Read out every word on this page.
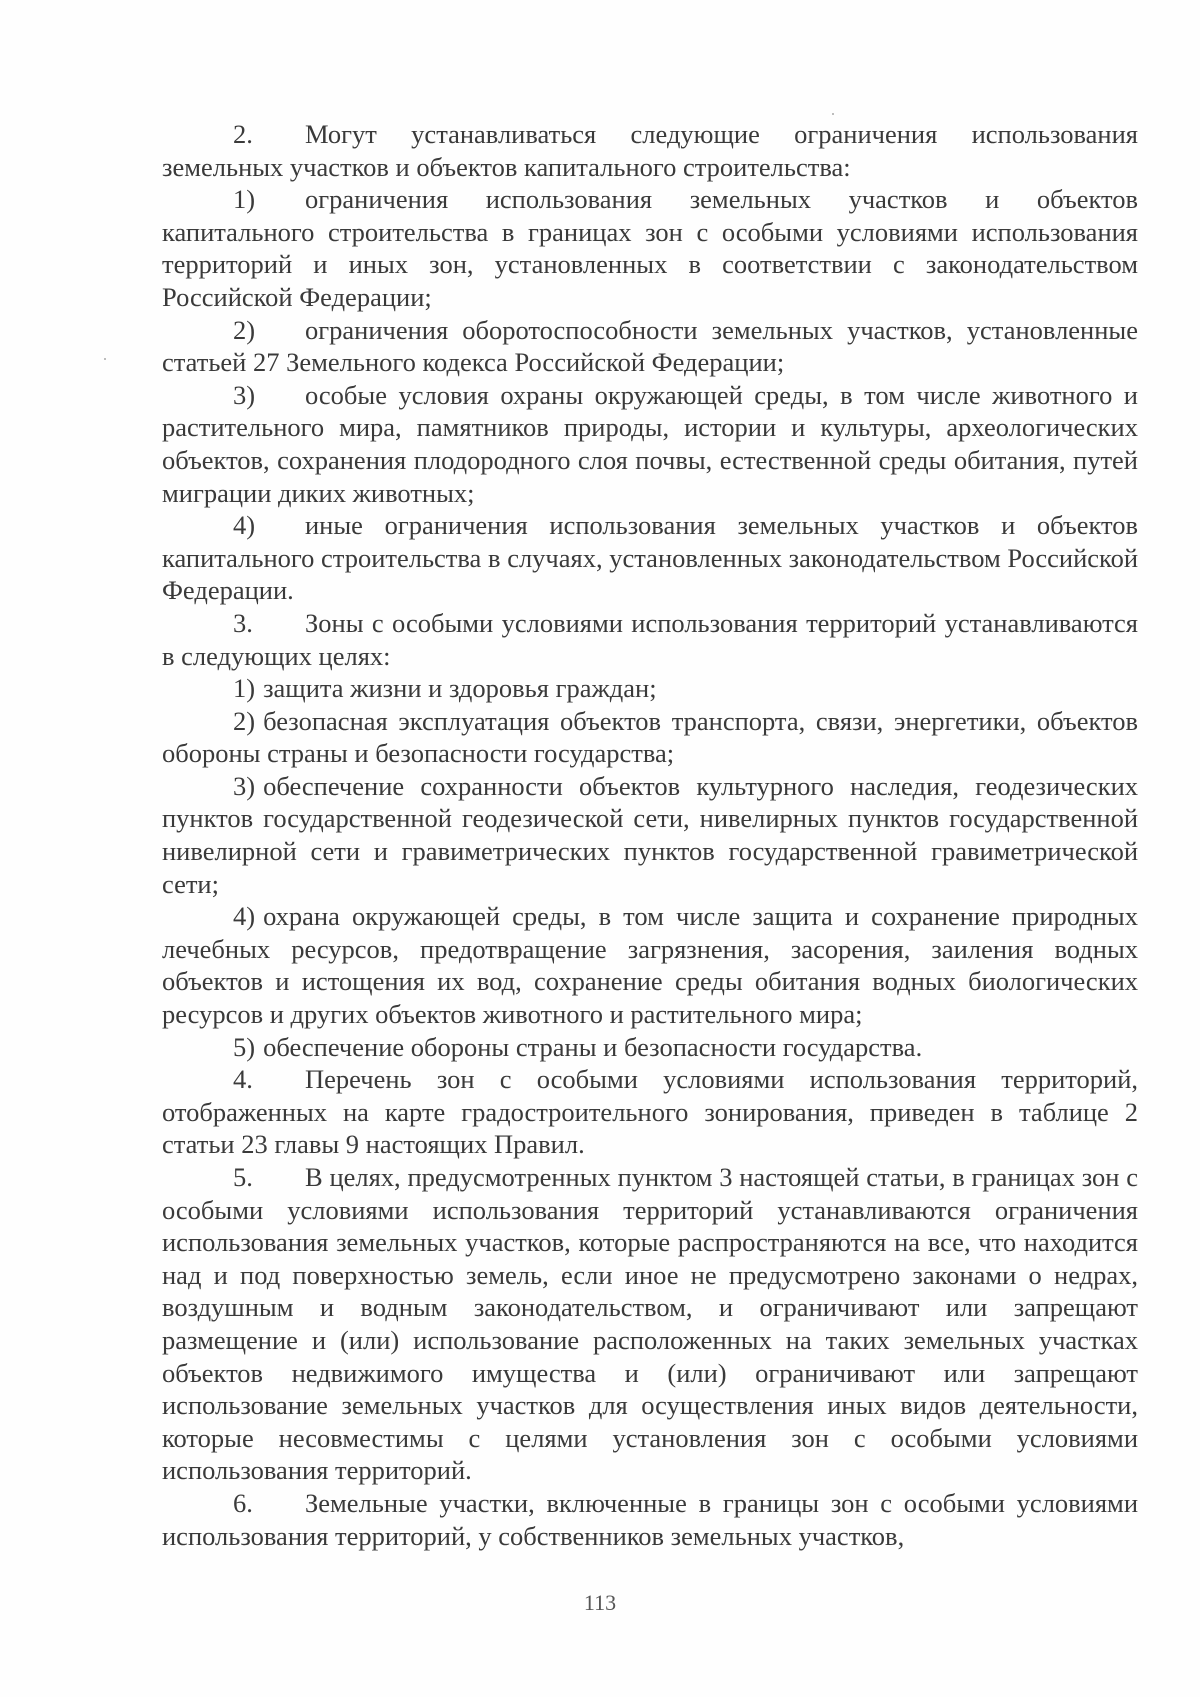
2. Могут устанавливаться следующие ограничения использования земельных участков и объектов капитального строительства:

1) ограничения использования земельных участков и объектов капитального строительства в границах зон с особыми условиями использования территорий и иных зон, установленных в соответствии с законодательством Российской Федерации;

2) ограничения оборотоспособности земельных участков, установленные статьей 27 Земельного кодекса Российской Федерации;

3) особые условия охраны окружающей среды, в том числе животного и растительного мира, памятников природы, истории и культуры, археологических объектов, сохранения плодородного слоя почвы, естественной среды обитания, путей миграции диких животных;

4) иные ограничения использования земельных участков и объектов капитального строительства в случаях, установленных законодательством Российской Федерации.

3. Зоны с особыми условиями использования территорий устанавливаются в следующих целях:

1) защита жизни и здоровья граждан;

2) безопасная эксплуатация объектов транспорта, связи, энергетики, объектов обороны страны и безопасности государства;

3) обеспечение сохранности объектов культурного наследия, геодезических пунктов государственной геодезической сети, нивелирных пунктов государственной нивелирной сети и гравиметрических пунктов государственной гравиметрической сети;

4) охрана окружающей среды, в том числе защита и сохранение природных лечебных ресурсов, предотвращение загрязнения, засорения, заиления водных объектов и истощения их вод, сохранение среды обитания водных биологических ресурсов и других объектов животного и растительного мира;

5) обеспечение обороны страны и безопасности государства.

4. Перечень зон с особыми условиями использования территорий, отображенных на карте градостроительного зонирования, приведен в таблице 2 статьи 23 главы 9 настоящих Правил.

5. В целях, предусмотренных пунктом 3 настоящей статьи, в границах зон с особыми условиями использования территорий устанавливаются ограничения использования земельных участков, которые распространяются на все, что находится над и под поверхностью земель, если иное не предусмотрено законами о недрах, воздушным и водным законодательством, и ограничивают или запрещают размещение и (или) использование расположенных на таких земельных участках объектов недвижимого имущества и (или) ограничивают или запрещают использование земельных участков для осуществления иных видов деятельности, которые несовместимы с целями установления зон с особыми условиями использования территорий.

6. Земельные участки, включенные в границы зон с особыми условиями использования территорий, у собственников земельных участков,

113
